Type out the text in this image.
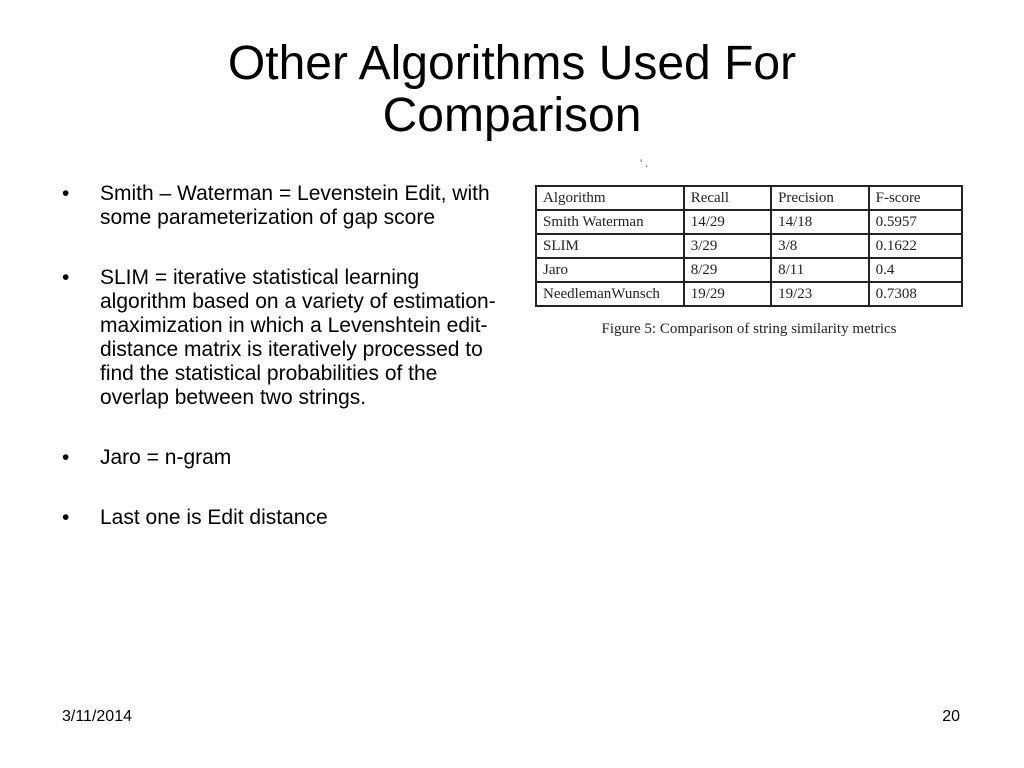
Other Algorithms Used For
Comparison
• Smith – Waterman = Levenstein Edit, with some parameterization of gap score
• SLIM = iterative statistical learning algorithm based on a variety of estimation-maximization in which a Levenshtein edit-distance matrix is iteratively processed to find the statistical probabilities of the overlap between two strings.
• Jaro = n-gram
• Last one is Edit distance
' .
Algorithm	Recall	Precision	F-score
Smith Waterman	14/29	14/18	0.5957
SLIM	3/29	3/8	0.1622
Jaro	8/29	8/11	0.4
NeedlemanWunsch	19/29	19/23	0.7308
Figure 5: Comparison of string similarity metrics
3/11/2014	20
